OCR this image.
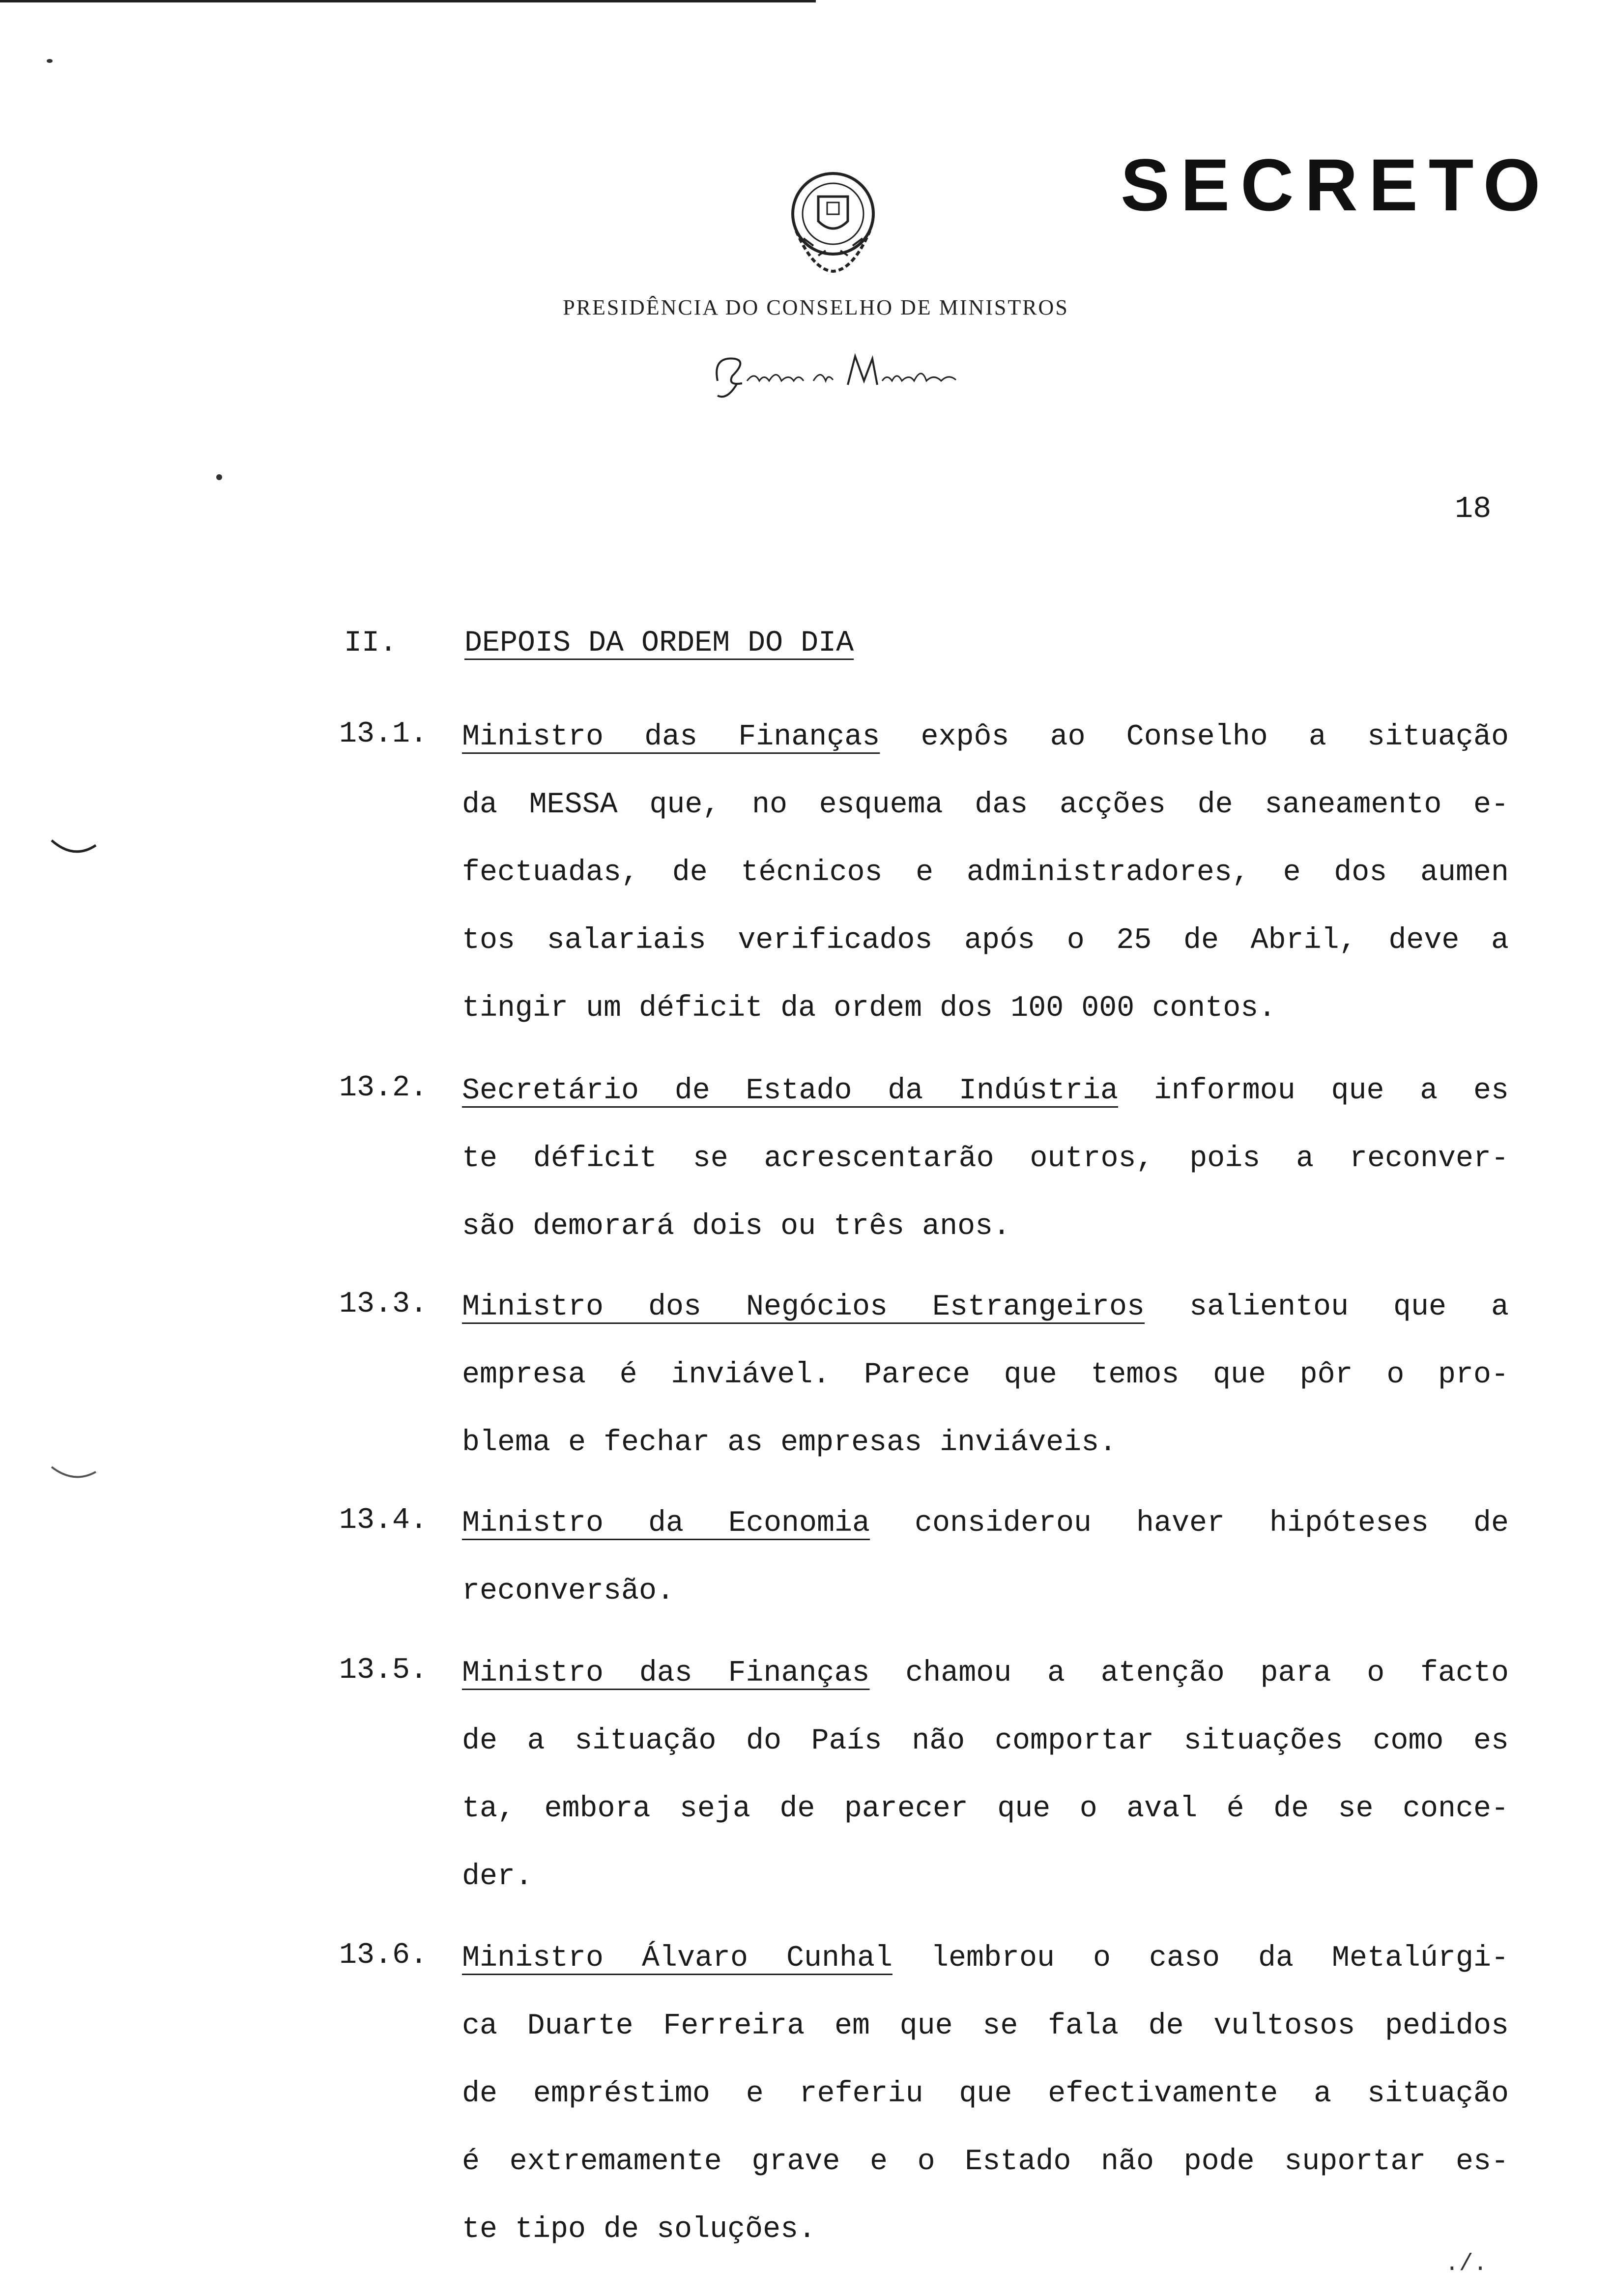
SECRETO
PRESIDÊNCIA DO CONSELHO DE MINISTROS
18
II. DEPOIS DA ORDEM DO DIA
13.1.	Ministro das Finanças expôs ao Conselho a situação
da MESSA que, no esquema das acções de saneamento e-
fectuadas, de técnicos e administradores, e dos aumen
tos salariais verificados após o 25 de Abril, deve a
tingir um déficit da ordem dos 100 000 contos.
13.2.	Secretário de Estado da Indústria informou que a es
te déficit se acrescentarão outros, pois a reconver-
são demorará dois ou três anos.
13.3.	Ministro dos Negócios Estrangeiros salientou que a
empresa é inviável. Parece que temos que pôr o pro-
blema e fechar as empresas inviáveis.
13.4.	Ministro da Economia considerou haver hipóteses de
reconversão.
13.5.	Ministro das Finanças chamou a atenção para o facto
de a situação do País não comportar situações como es
ta, embora seja de parecer que o aval é de se conce-
der.
13.6.	Ministro Álvaro Cunhal lembrou o caso da Metalúrgi-
ca Duarte Ferreira em que se fala de vultosos pedidos
de empréstimo e referiu que efectivamente a situação
é extremamente grave e o Estado não pode suportar es-
te tipo de soluções.
./.
